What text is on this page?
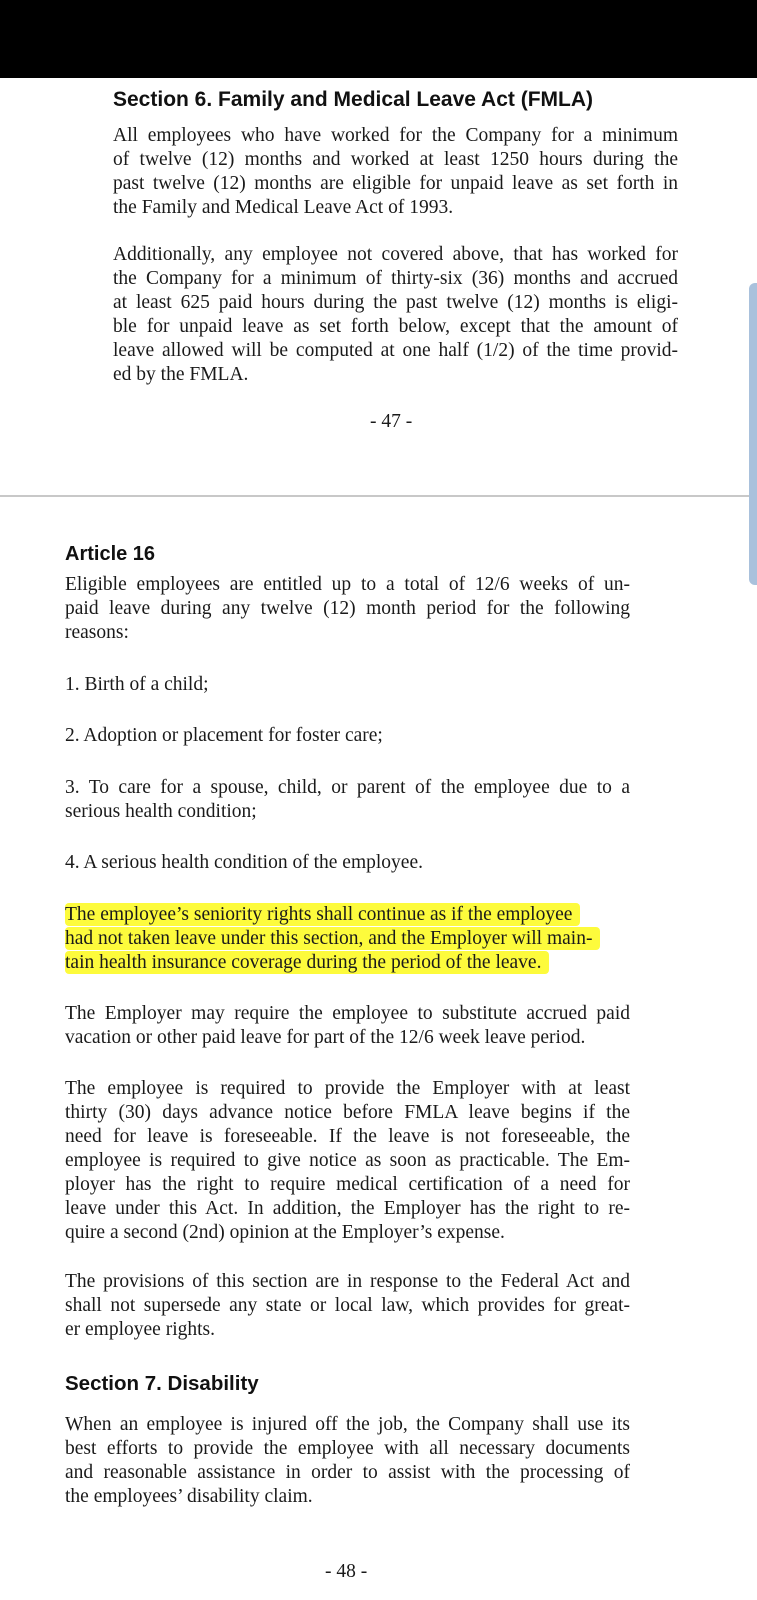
Section 6. Family and Medical Leave Act (FMLA)
All employees who have worked for the Company for a minimum
of twelve (12) months and worked at least 1250 hours during the
past twelve (12) months are eligible for unpaid leave as set forth in
the Family and Medical Leave Act of 1993.
Additionally, any employee not covered above, that has worked for
the Company for a minimum of thirty-six (36) months and accrued
at least 625 paid hours during the past twelve (12) months is eligi-
ble for unpaid leave as set forth below, except that the amount of
leave allowed will be computed at one half (1/2) of the time provid-
ed by the FMLA.
- 47 -
Article 16
Eligible employees are entitled up to a total of 12/6 weeks of un-
paid leave during any twelve (12) month period for the following
reasons:
1. Birth of a child;
2. Adoption or placement for foster care;
3. To care for a spouse, child, or parent of the employee due to a
serious health condition;
4. A serious health condition of the employee.
The employee’s seniority rights shall continue as if the employee
had not taken leave under this section, and the Employer will main-
tain health insurance coverage during the period of the leave.
The Employer may require the employee to substitute accrued paid
vacation or other paid leave for part of the 12/6 week leave period.
The employee is required to provide the Employer with at least
thirty (30) days advance notice before FMLA leave begins if the
need for leave is foreseeable. If the leave is not foreseeable, the
employee is required to give notice as soon as practicable. The Em-
ployer has the right to require medical certification of a need for
leave under this Act. In addition, the Employer has the right to re-
quire a second (2nd) opinion at the Employer’s expense.
The provisions of this section are in response to the Federal Act and
shall not supersede any state or local law, which provides for great-
er employee rights.
Section 7. Disability
When an employee is injured off the job, the Company shall use its
best efforts to provide the employee with all necessary documents
and reasonable assistance in order to assist with the processing of
the employees’ disability claim.
- 48 -
